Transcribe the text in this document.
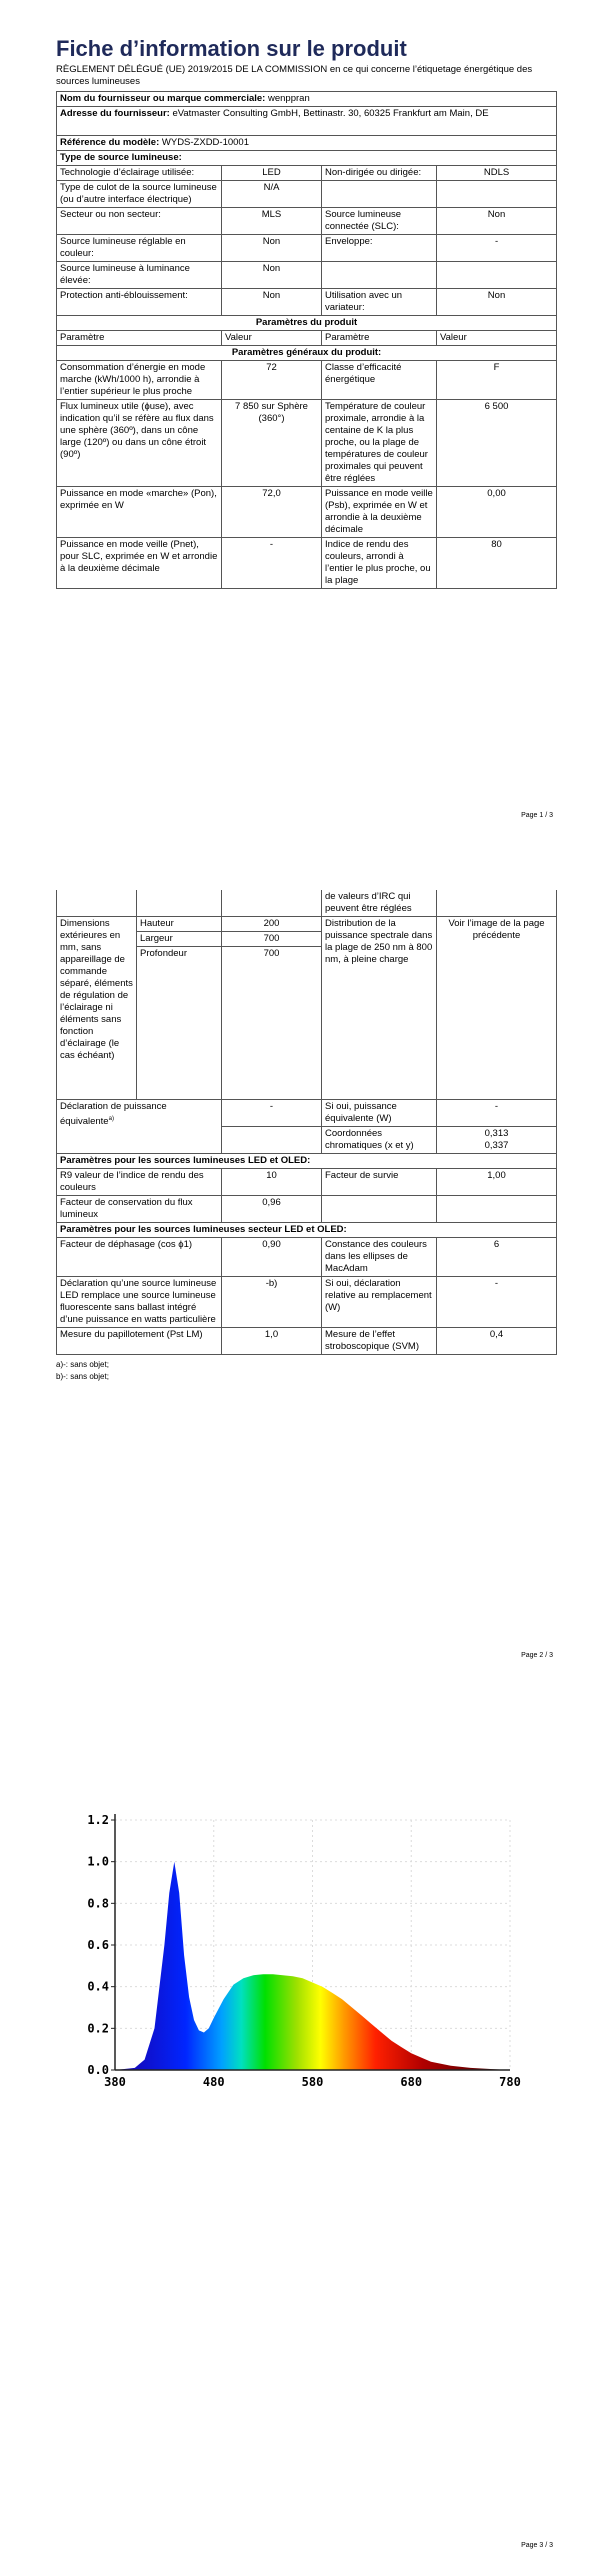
Fiche d’information sur le produit
RÈGLEMENT DÉLÉGUÉ (UE) 2019/2015 DE LA COMMISSION en ce qui concerne l’étiquetage énergétique des sources lumineuses
Nom du fournisseur ou marque commerciale: wenppran			
Adresse du fournisseur: eVatmaster Consulting GmbH, Bettinastr. 30, 60325 Frankfurt am Main, DE			
Référence du modèle: WYDS-ZXDD-10001			
Type de source lumineuse:			
Technologie d’éclairage utilisée:	LED	Non-dirigée ou dirigée:	NDLS
Type de culot de la source lumineuse (ou d’autre interface électrique)	N/A		
Secteur ou non secteur:	MLS	Source lumineuse connectée (SLC):	Non
Source lumineuse réglable en couleur:	Non	Enveloppe:	-
Source lumineuse à luminance élevée:	Non		
Protection anti-éblouissement:	Non	Utilisation avec un variateur:	Non
Paramètres du produit			
Paramètre	Valeur	Paramètre	Valeur
Paramètres généraux du produit:			
Consommation d’énergie en mode marche (kWh/1000 h), arrondie à l’entier supérieur le plus proche	72	Classe d’efficacité énergétique	F
Flux lumineux utile (ɸuse), avec indication qu’il se réfère au flux dans une sphère (360º), dans un cône large (120º) ou dans un cône étroit (90º)	7 850 sur Sphère (360°)	Température de couleur proximale, arrondie à la centaine de K la plus proche, ou la plage de températures de couleur proximales qui peuvent être réglées	6 500
Puissance en mode «marche» (Pon), exprimée en W	72,0	Puissance en mode veille (Psb), exprimée en W et arrondie à la deuxième décimale	0,00
Puissance en mode veille (Pnet), pour SLC, exprimée en W et arrondie à la deuxième décimale	-	Indice de rendu des couleurs, arrondi à l’entier le plus proche, ou la plage	80
Page 1 / 3
			de valeurs d’IRC qui peuvent être réglées	
Dimensions extérieures en mm, sans appareillage de commande séparé, éléments de régulation de l’éclairage ni éléments sans fonction d’éclairage (le cas échéant)	Hauteur	200	Distribution de la puissance spectrale dans la plage de 250 nm à 800 nm, à pleine charge	Voir l’image de la page précédente
	Largeur	700		
	Profondeur	700		
Déclaration de puissance équivalente$^{a)}$		-	Si oui, puissance équivalente (W)	-
			Coordonnées chromatiques (x et y)	0,313
0,337

Paramètres pour les sources lumineuses LED et OLED:				
R9 valeur de l’indice de rendu des couleurs		10	Facteur de survie	1,00
Facteur de conservation du flux lumineux		0,96		
Paramètres pour les sources lumineuses secteur LED et OLED:				
Facteur de déphasage (cos ϕ1)		0,90	Constance des couleurs dans les ellipses de MacAdam	6
Déclaration qu’une source lumineuse LED remplace une source lumineuse fluorescente sans ballast intégré d’une puissance en watts particulière		-b)	Si oui, déclaration relative au remplacement (W)	-
Mesure du papillotement (Pst LM)		1,0	Mesure de l’effet stroboscopique (SVM)	0,4
a)-: sans objet;
b)-: sans objet;
Page 2 / 3
380	480	580	680	780
0.0
0.2
0.4
0.6
0.8
1.0
1.2
Page 3 / 3
